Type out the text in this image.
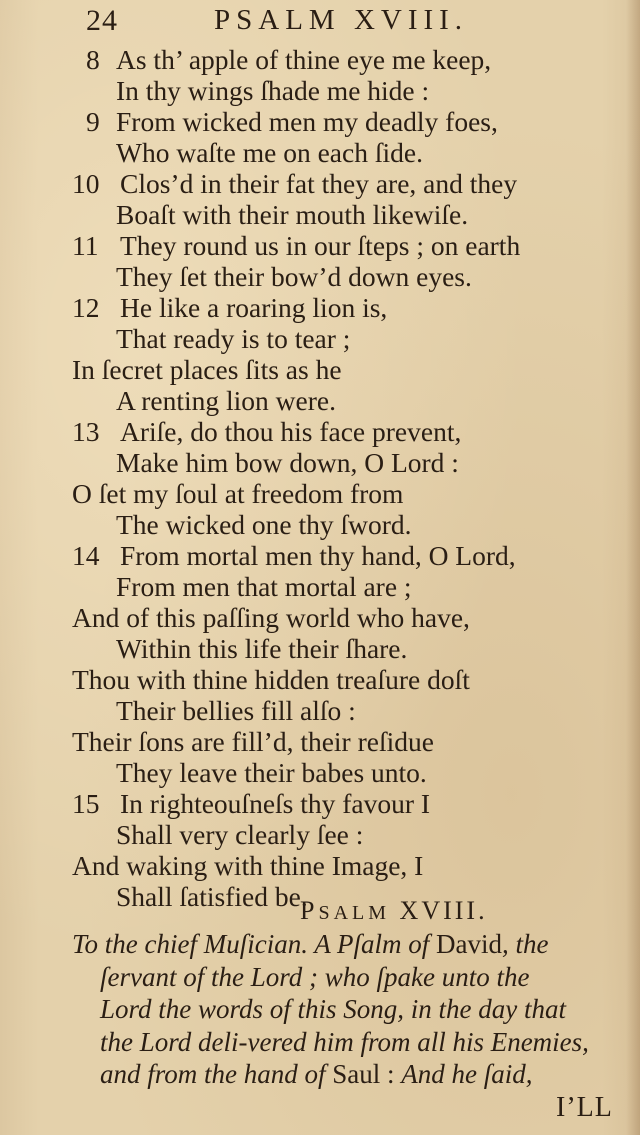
24	PSALM XVIII.
8 As th’ apple of thine eye me keep,
In thy wings ſhade me hide :
9 From wicked men my deadly foes,
Who waſte me on each ſide.
10 Clos’d in their fat they are, and they
Boaſt with their mouth likewiſe.
11 They round us in our ſteps ; on earth
They ſet their bow’d down eyes.
12 He like a roaring lion is,
That ready is to tear ;
In ſecret places ſits as he
A renting lion were.
13 Ariſe, do thou his face prevent,
Make him bow down, O Lord :
O ſet my ſoul at freedom from
The wicked one thy ſword.
14 From mortal men thy hand, O Lord,
From men that mortal are ;
And of this paſſing world who have,
Within this life their ſhare.
Thou with thine hidden treaſure doſt
Their bellies fill alſo :
Their ſons are fill’d, their reſidue
They leave their babes unto.
15 In righteouſneſs thy favour I
Shall very clearly ſee :
And waking with thine Image, I
Shall ſatisfied be.
PSALM XVIII.
To the chief Muſician. A Pſalm of David, the
ſervant of the Lord ; who ſpake unto the
Lord the words of this Song, in the day that
the Lord deli-vered him from all his Enemies,
and from the hand of Saul : And he ſaid,
I’LL
